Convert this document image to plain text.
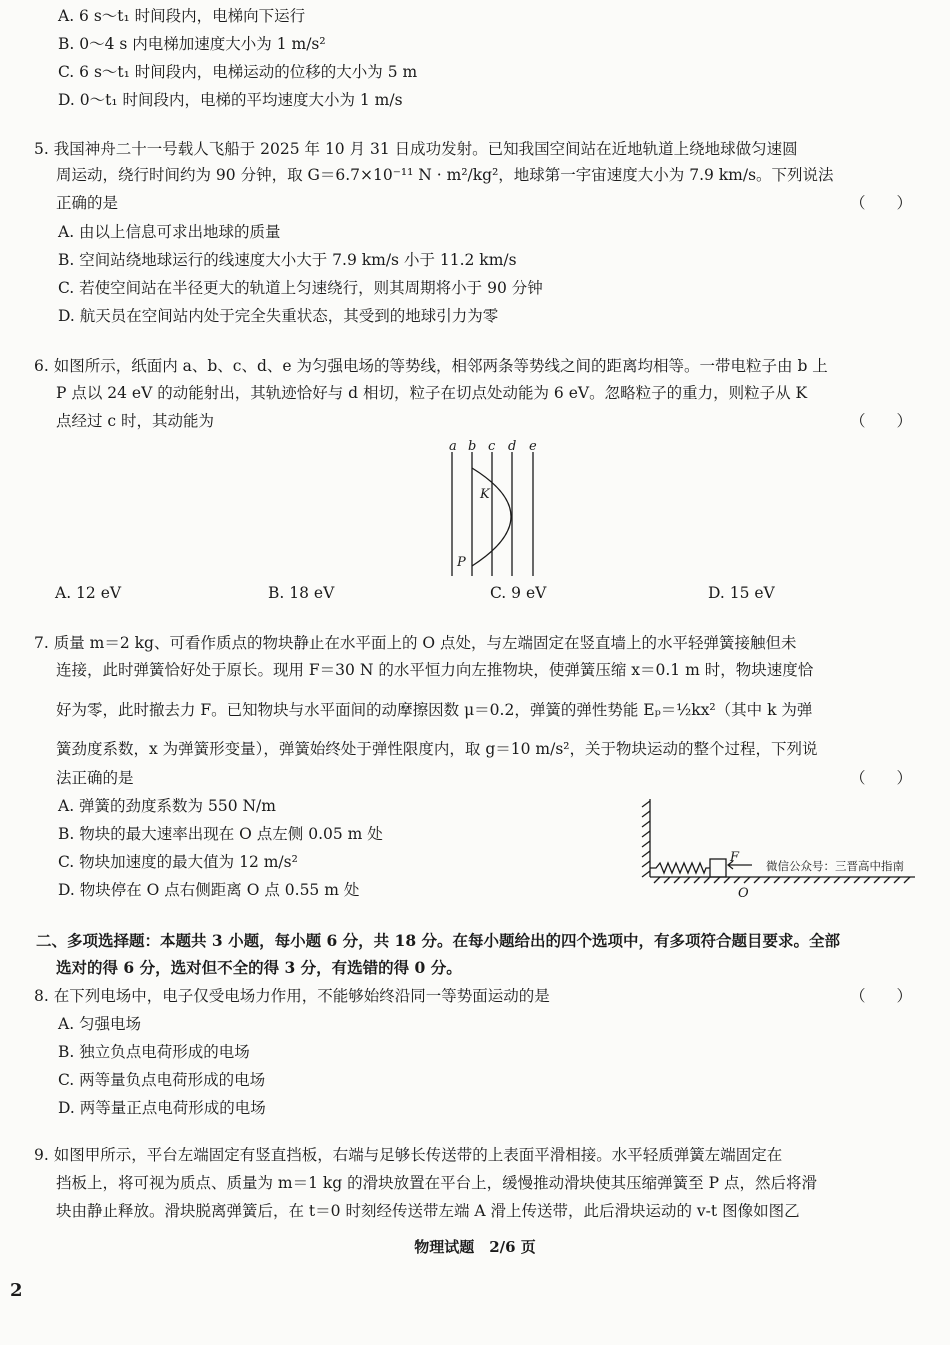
A. 6 s～t₁ 时间段内，电梯向下运行
B. 0～4 s 内电梯加速度大小为 1 m/s²
C. 6 s～t₁ 时间段内，电梯运动的位移的大小为 5 m
D. 0～t₁ 时间段内，电梯的平均速度大小为 1 m/s
5. 我国神舟二十一号载人飞船于 2025 年 10 月 31 日成功发射。已知我国空间站在近地轨道上绕地球做匀速圆
周运动，绕行时间约为 90 分钟，取 G＝6.7×10⁻¹¹ N · m²/kg²，地球第一宇宙速度大小为 7.9 km/s。下列说法
正确的是	（　　）
A. 由以上信息可求出地球的质量
B. 空间站绕地球运行的线速度大小大于 7.9 km/s 小于 11.2 km/s
C. 若使空间站在半径更大的轨道上匀速绕行，则其周期将小于 90 分钟
D. 航天员在空间站内处于完全失重状态，其受到的地球引力为零
6. 如图所示，纸面内 a、b、c、d、e 为匀强电场的等势线，相邻两条等势线之间的距离均相等。一带电粒子由 b 上
P 点以 24 eV 的动能射出，其轨迹恰好与 d 相切，粒子在切点处动能为 6 eV。忽略粒子的重力，则粒子从 K
点经过 c 时，其动能为	（　　）
a b c d e
K
P
A. 12 eV	B. 18 eV	C. 9 eV	D. 15 eV
7. 质量 m＝2 kg、可看作质点的物块静止在水平面上的 O 点处，与左端固定在竖直墙上的水平轻弹簧接触但未
连接，此时弹簧恰好处于原长。现用 F＝30 N 的水平恒力向左推物块，使弹簧压缩 x＝0.1 m 时，物块速度恰
好为零，此时撤去力 F。已知物块与水平面间的动摩擦因数 μ＝0.2，弹簧的弹性势能 Eₚ＝½kx²（其中 k 为弹
簧劲度系数，x 为弹簧形变量），弹簧始终处于弹性限度内，取 g＝10 m/s²，关于物块运动的整个过程，下列说
法正确的是	（　　）
A. 弹簧的劲度系数为 550 N/m
B. 物块的最大速率出现在 O 点左侧 0.05 m 处
C. 物块加速度的最大值为 12 m/s²
D. 物块停在 O 点右侧距离 O 点 0.55 m 处
F
O
微信公众号：三晋高中指南
二、多项选择题：本题共 3 小题，每小题 6 分，共 18 分。在每小题给出的四个选项中，有多项符合题目要求。全部
选对的得 6 分，选对但不全的得 3 分，有选错的得 0 分。
8. 在下列电场中，电子仅受电场力作用，不能够始终沿同一等势面运动的是	（　　）
A. 匀强电场
B. 独立负点电荷形成的电场
C. 两等量负点电荷形成的电场
D. 两等量正点电荷形成的电场
9. 如图甲所示，平台左端固定有竖直挡板，右端与足够长传送带的上表面平滑相接。水平轻质弹簧左端固定在
挡板上，将可视为质点、质量为 m＝1 kg 的滑块放置在平台上，缓慢推动滑块使其压缩弹簧至 P 点，然后将滑
块由静止释放。滑块脱离弹簧后，在 t＝0 时刻经传送带左端 A 滑上传送带，此后滑块运动的 v-t 图像如图乙
物理试题　2/6 页
2
